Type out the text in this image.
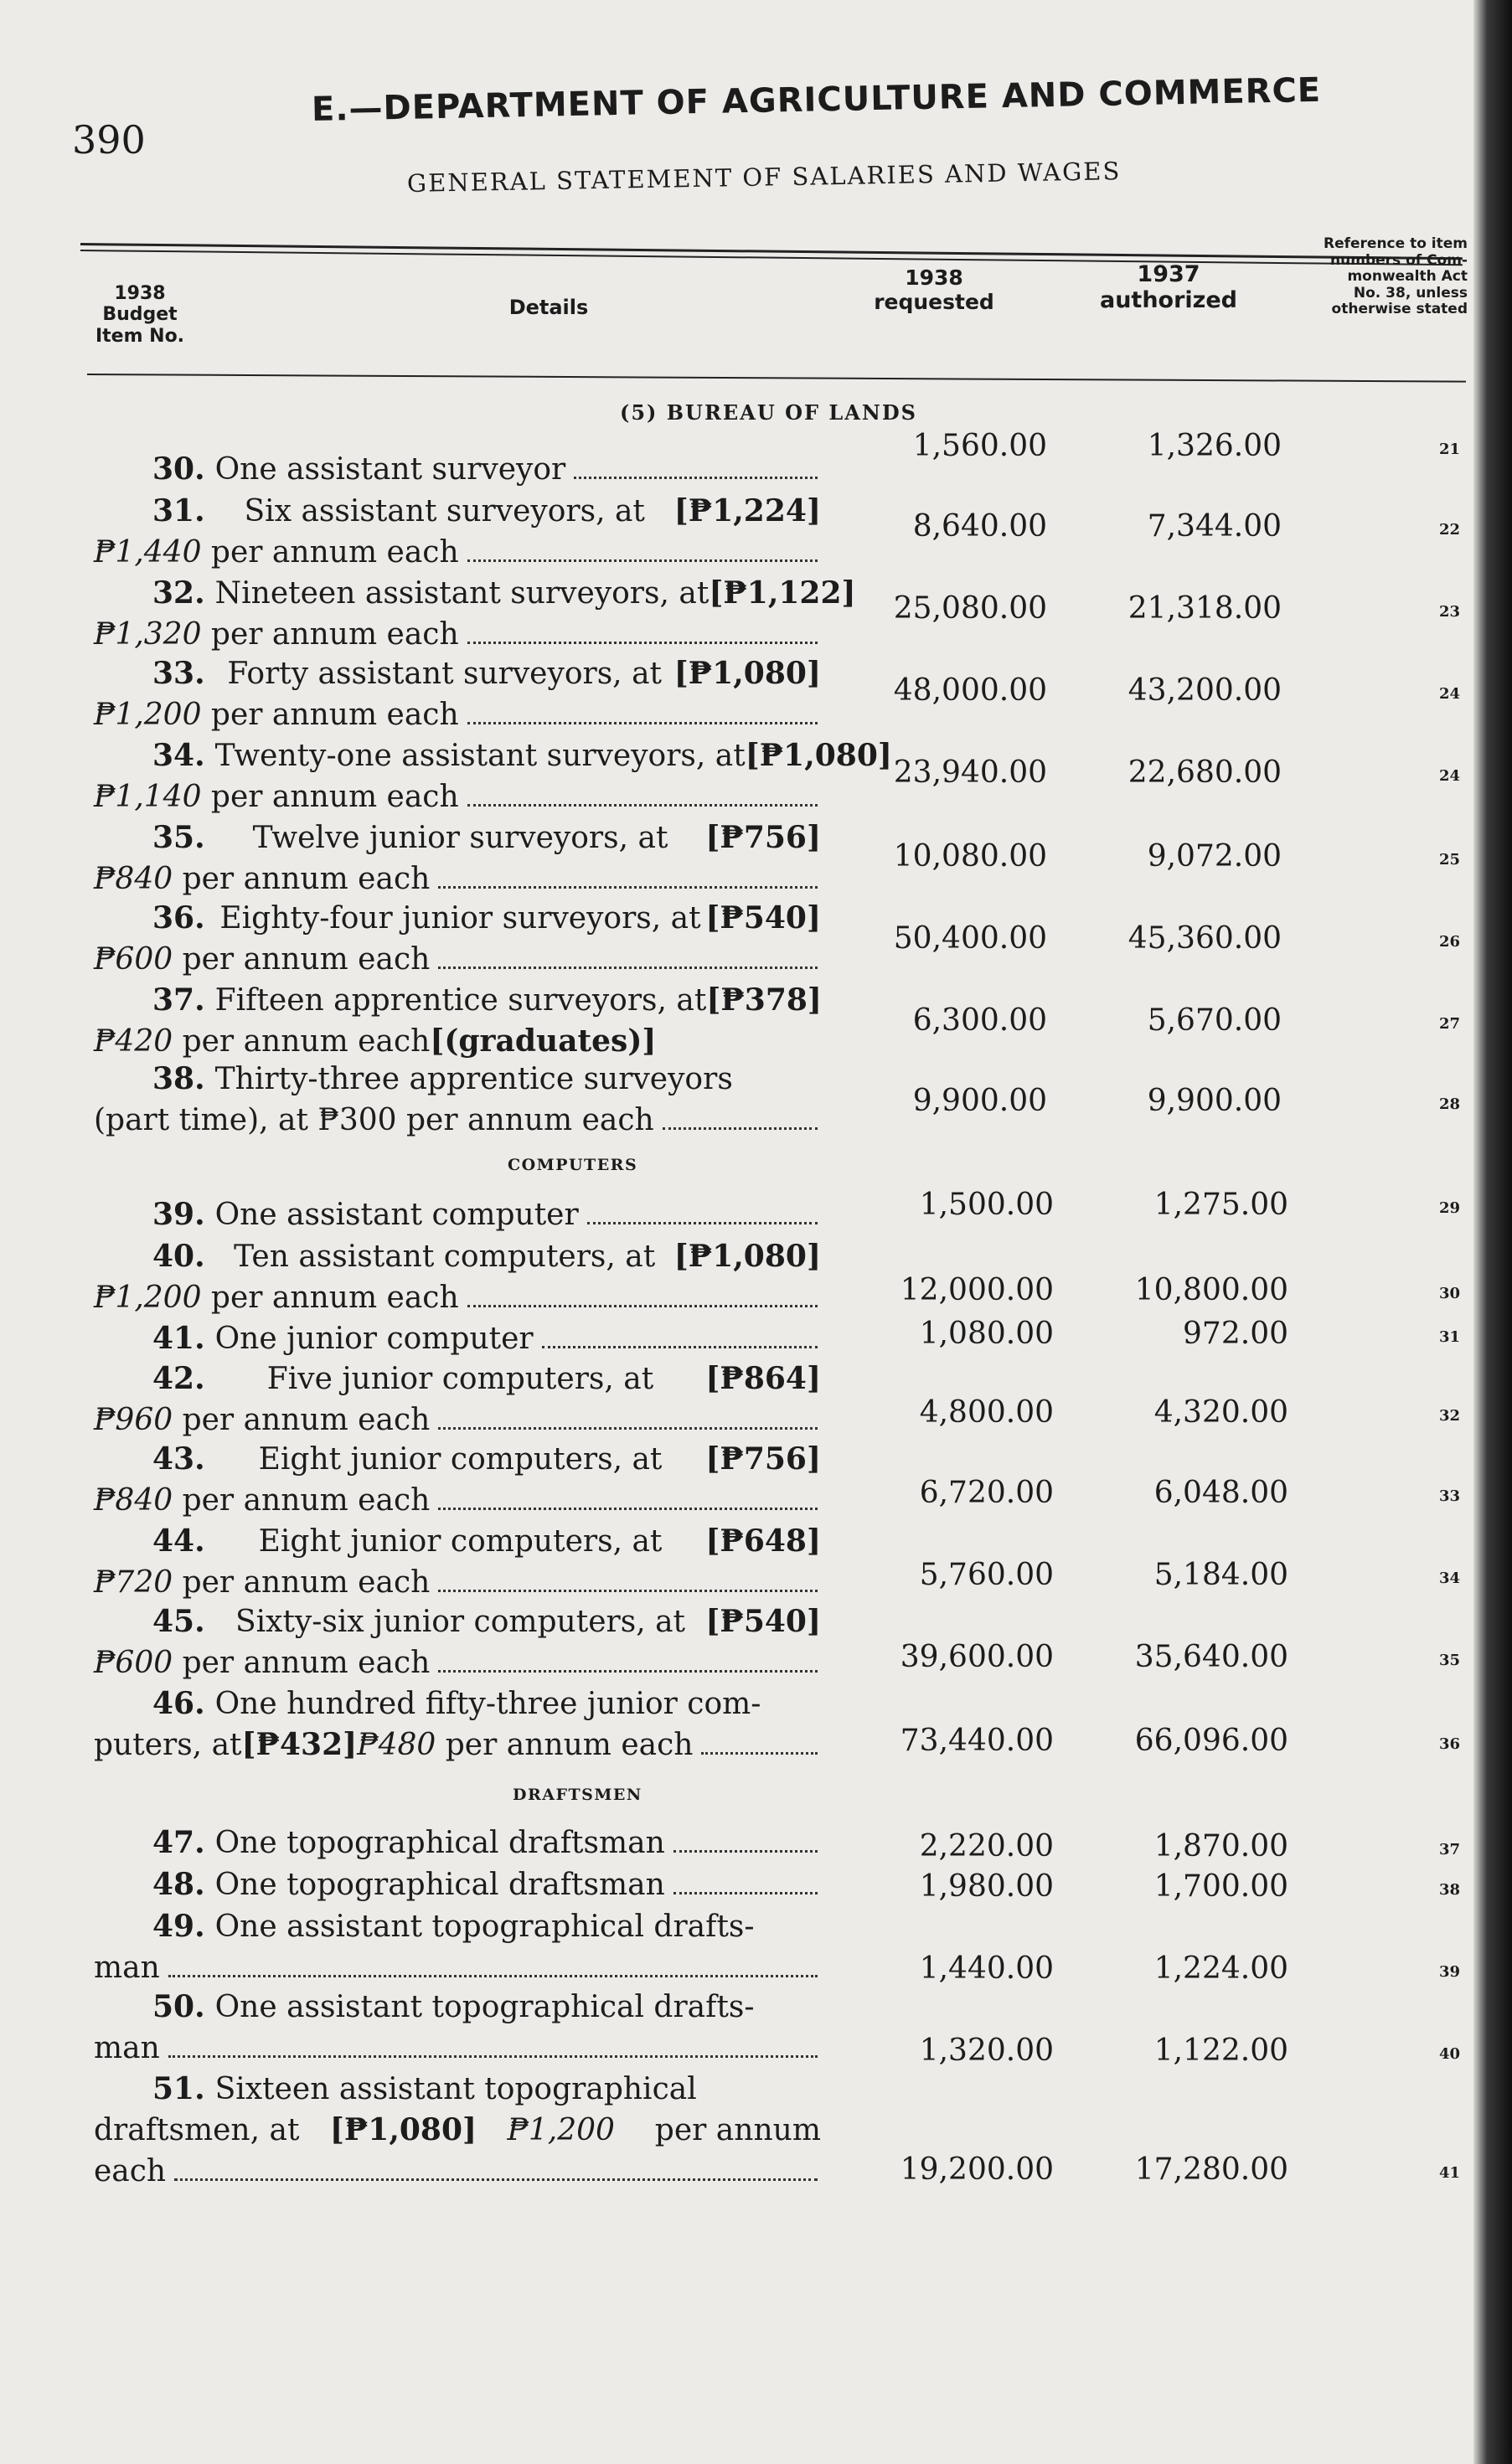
390
E.—DEPARTMENT OF AGRICULTURE AND COMMERCE
GENERAL STATEMENT OF SALARIES AND WAGES
1938
Budget
Item No.
Details
1938
requested
1937
authorized
Reference to item
numbers of Com-
monwealth Act
No. 38, unless
otherwise stated
(5) BUREAU OF LANDS
30. One assistant surveyor
1,560.00	1,326.00	21
31. Six assistant surveyors, at [₱1,224]
₱1,440 per annum each
8,640.00	7,344.00	22
32. Nineteen assistant surveyors, at [₱1,122]
₱1,320 per annum each
25,080.00	21,318.00	23
33. Forty assistant surveyors, at [₱1,080]
₱1,200 per annum each
48,000.00	43,200.00	24
34. Twenty-one assistant surveyors, at [₱1,080]
₱1,140 per annum each
23,940.00	22,680.00	24
35. Twelve junior surveyors, at [₱756]
₱840 per annum each
10,080.00	9,072.00	25
36. Eighty-four junior surveyors, at [₱540]
₱600 per annum each
50,400.00	45,360.00	26
37. Fifteen apprentice surveyors, at [₱378]
₱420 per annum each [(graduates)]
6,300.00	5,670.00	27
38. Thirty-three apprentice surveyors
(part time), at ₱300 per annum each
9,900.00	9,900.00	28
39. One assistant computer	1,500.00	1,275.00	29
40. Ten assistant computers, at [₱1,080]
₱1,200 per annum each	12,000.00	10,800.00	30
41. One junior computer	1,080.00	972.00	31
42. Five junior computers, at [₱864]
₱960 per annum each	4,800.00	4,320.00	32
43. Eight junior computers, at [₱756]
₱840 per annum each	6,720.00	6,048.00	33
44. Eight junior computers, at [₱648]
₱720 per annum each	5,760.00	5,184.00	34
45. Sixty-six junior computers, at [₱540]
₱600 per annum each	39,600.00	35,640.00	35
46. One hundred fifty-three junior com-
puters, at [₱432] ₱480 per annum each	73,440.00	66,096.00	36
47. One topographical draftsman	2,220.00	1,870.00	37
48. One topographical draftsman	1,980.00	1,700.00	38
49. One assistant topographical drafts-
man	1,440.00	1,224.00	39
50. One assistant topographical drafts-
man	1,320.00	1,122.00	40
51. Sixteen assistant topographical
draftsmen, at [₱1,080] ₱1,200 per annum
each	19,200.00	17,280.00	41
COMPUTERS
DRAFTSMEN
